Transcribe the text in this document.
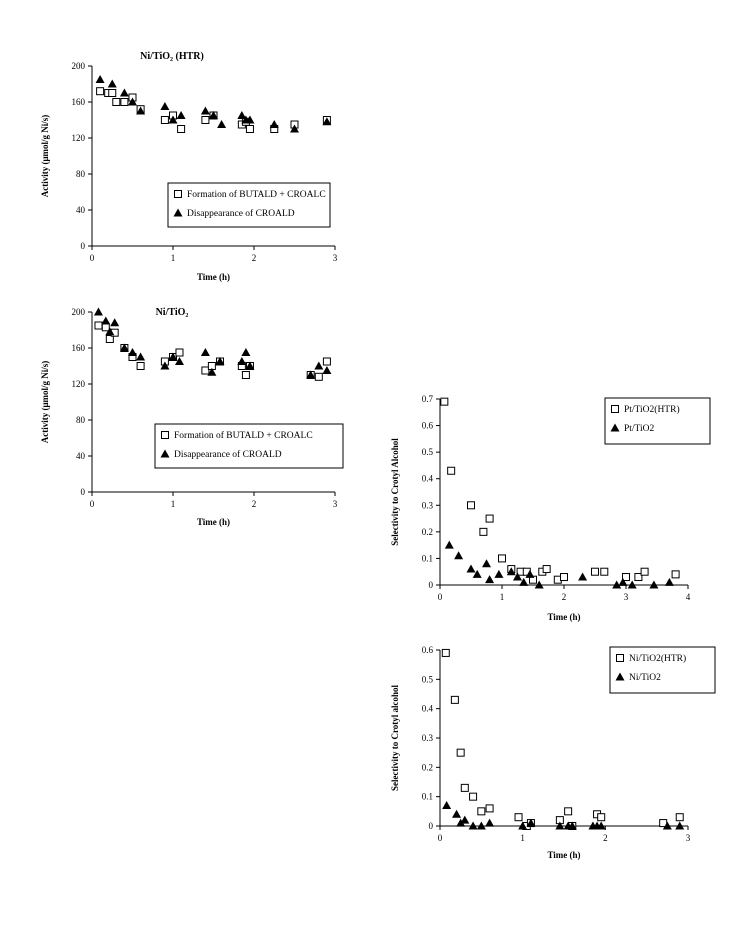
0
40
80
120
160
200
0	1	2	3
Time (h)
Activity (μmol/g Ni/s)
Ni/TiO₂ (HTR)
Formation of BUTALD + CROALC
Disappearance of CROALD
0
40
80
120
160
200
0	1	2	3
Time (h)
Activity (μmol/g Ni/s)
Ni/TiO₂
Formation of BUTALD + CROALC
Disappearance of CROALD
0
0.1
0.2
0.3
0.4
0.5
0.6
0.7
0	1	2	3	4
Time (h)
Selectivity to Crotyl Alcohol
Pt/TiO2(HTR)
Pt/TiO2
0
0.1
0.2
0.3
0.4
0.5
0.6
0	1	2	3
Time (h)
Selectivity to Crotyl alcohol
Ni/TiO2(HTR)
Ni/TiO2
